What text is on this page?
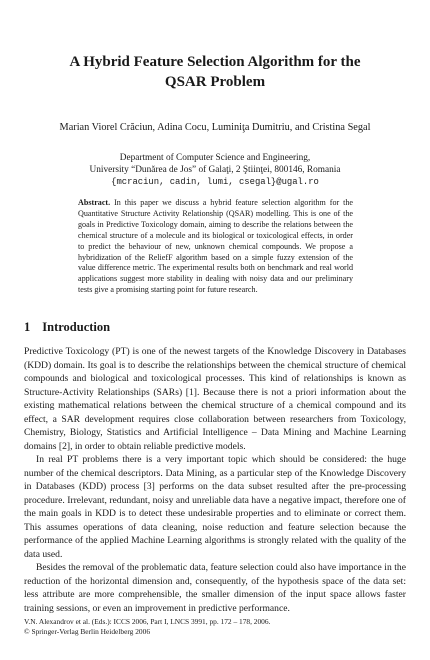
A Hybrid Feature Selection Algorithm for the QSAR Problem
Marian Viorel Crăciun, Adina Cocu, Luminiţa Dumitriu, and Cristina Segal
Department of Computer Science and Engineering,
University “Dunărea de Jos” of Galaţi, 2 Ştiinţei, 800146, Romania
{mcraciun, cadin, lumi, csegal}@ugal.ro

Abstract. In this paper we discuss a hybrid feature selection algorithm for the Quantitative Structure Activity Relationship (QSAR) modelling. This is one of the goals in Predictive Toxicology domain, aiming to describe the relations between the chemical structure of a molecule and its biological or toxicological effects, in order to predict the behaviour of new, unknown chemical compounds. We propose a hybridization of the ReliefF algorithm based on a simple fuzzy extension of the value difference metric. The experimental results both on benchmark and real world applications suggest more stability in dealing with noisy data and our preliminary tests give a promising starting point for future research.

1 Introduction

Predictive Toxicology (PT) is one of the newest targets of the Knowledge Discovery in Databases (KDD) domain. Its goal is to describe the relationships between the chemical structure of chemical compounds and biological and toxicological processes. This kind of relationships is known as Structure-Activity Relationships (SARs) [1]. Because there is not a priori information about the existing mathematical relations between the chemical structure of a chemical compound and its effect, a SAR development requires close collaboration between researchers from Toxicology, Chemistry, Biology, Statistics and Artificial Intelligence – Data Mining and Machine Learning domains [2], in order to obtain reliable predictive models.

In real PT problems there is a very important topic which should be considered: the huge number of the chemical descriptors. Data Mining, as a particular step of the Knowledge Discovery in Databases (KDD) process [3] performs on the data subset resulted after the pre-processing procedure. Irrelevant, redundant, noisy and unreliable data have a negative impact, therefore one of the main goals in KDD is to detect these undesirable properties and to eliminate or correct them. This assumes operations of data cleaning, noise reduction and feature selection because the performance of the applied Machine Learning algorithms is strongly related with the quality of the data used.

Besides the removal of the problematic data, feature selection could also have importance in the reduction of the horizontal dimension and, consequently, of the hypothesis space of the data set: less attribute are more comprehensible, the smaller dimension of the input space allows faster training sessions, or even an improvement in predictive performance.

V.N. Alexandrov et al. (Eds.): ICCS 2006, Part I, LNCS 3991, pp. 172 – 178, 2006.
© Springer-Verlag Berlin Heidelberg 2006
